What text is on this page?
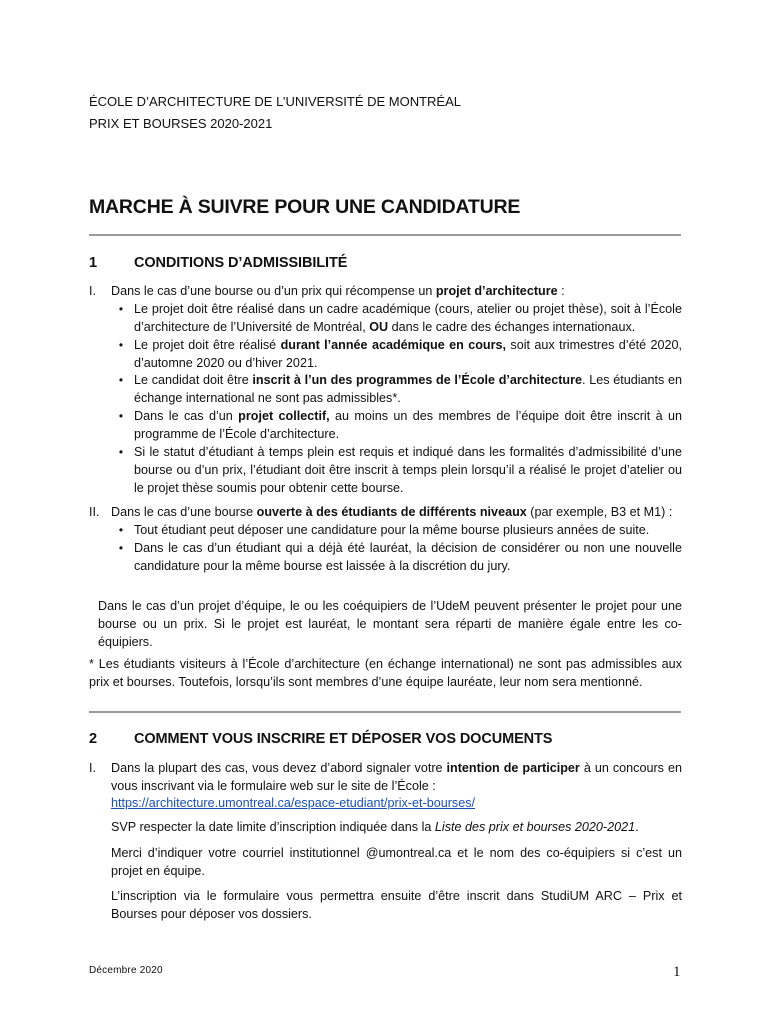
ÉCOLE D’ARCHITECTURE DE L’UNIVERSITÉ DE MONTRÉAL
PRIX ET BOURSES 2020-2021
MARCHE À SUIVRE POUR UNE CANDIDATURE
1	CONDITIONS D’ADMISSIBILITÉ
I. Dans le cas d’une bourse ou d’un prix qui récompense un projet d’architecture :
• Le projet doit être réalisé dans un cadre académique (cours, atelier ou projet thèse), soit à l’École d’architecture de l’Université de Montréal, OU dans le cadre des échanges internationaux.
• Le projet doit être réalisé durant l’année académique en cours, soit aux trimestres d’été 2020, d’automne 2020 ou d’hiver 2021.
• Le candidat doit être inscrit à l’un des programmes de l’École d’architecture. Les étudiants en échange international ne sont pas admissibles*.
• Dans le cas d’un projet collectif, au moins un des membres de l’équipe doit être inscrit à un programme de l’École d’architecture.
• Si le statut d’étudiant à temps plein est requis et indiqué dans les formalités d’admissibilité d’une bourse ou d’un prix, l’étudiant doit être inscrit à temps plein lorsqu’il a réalisé le projet d’atelier ou le projet thèse soumis pour obtenir cette bourse.
II. Dans le cas d’une bourse ouverte à des étudiants de différents niveaux (par exemple, B3 et M1) :
• Tout étudiant peut déposer une candidature pour la même bourse plusieurs années de suite.
• Dans le cas d’un étudiant qui a déjà été lauréat, la décision de considérer ou non une nouvelle candidature pour la même bourse est laissée à la discrétion du jury.
Dans le cas d’un projet d’équipe, le ou les coéquipiers de l’UdeM peuvent présenter le projet pour une bourse ou un prix. Si le projet est lauréat, le montant sera réparti de manière égale entre les co-équipiers.
* Les étudiants visiteurs à l’École d’architecture (en échange international) ne sont pas admissibles aux prix et bourses. Toutefois, lorsqu’ils sont membres d’une équipe lauréate, leur nom sera mentionné.
2	COMMENT VOUS INSCRIRE ET DÉPOSER VOS DOCUMENTS
I. Dans la plupart des cas, vous devez d’abord signaler votre intention de participer à un concours en vous inscrivant via le formulaire web sur le site de l’École :
https://architecture.umontreal.ca/espace-etudiant/prix-et-bourses/
SVP respecter la date limite d’inscription indiquée dans la Liste des prix et bourses 2020-2021.
Merci d’indiquer votre courriel institutionnel @umontreal.ca et le nom des co-équipiers si c’est un projet en équipe.
L’inscription via le formulaire vous permettra ensuite d’être inscrit dans StudiUM ARC – Prix et Bourses pour déposer vos dossiers.
Décembre 2020	1
